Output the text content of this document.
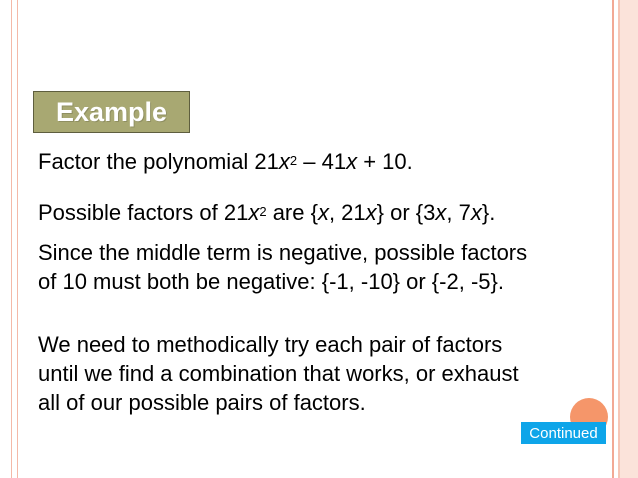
Example
Factor the polynomial $21x^2 - 41x + 10$.
Possible factors of $21x^2$ are {x, 21x} or {3x, 7x}.
Since the middle term is negative, possible factors
of 10 must both be negative: {-1, -10} or {-2, -5}.
We need to methodically try each pair of factors
until we find a combination that works, or exhaust
all of our possible pairs of factors.
Continued
